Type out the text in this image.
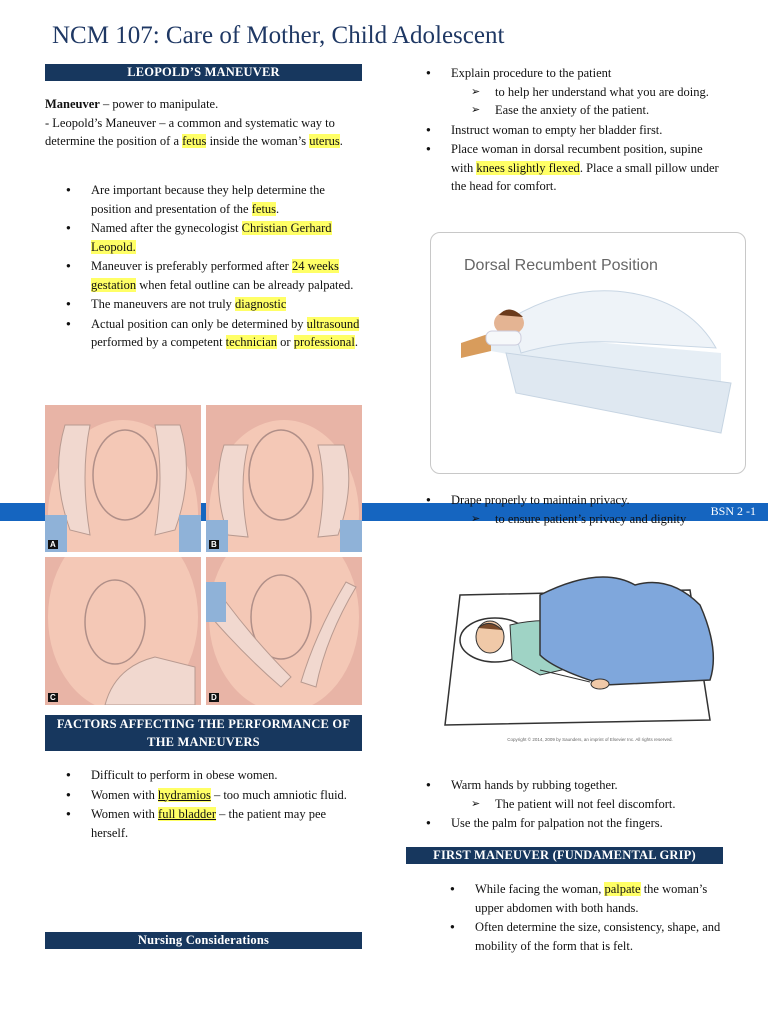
NCM 107: Care of Mother, Child Adolescent
BSN 2 -1
LEOPOLD’S MANEUVER
Maneuver – power to manipulate.
- Leopold’s Maneuver – a common and systematic way to determine the position of a fetus inside the woman’s uterus.
● Are important because they help determine the position and presentation of the fetus.
● Named after the gynecologist Christian Gerhard Leopold.
● Maneuver is preferably performed after 24 weeks gestation when fetal outline can be already palpated.
● The maneuvers are not truly diagnostic
● Actual position can only be determined by ultrasound performed by a competent technician or professional.
A	B
C	D
FACTORS AFFECTING THE PERFORMANCE OF THE MANEUVERS
● Difficult to perform in obese women.
● Women with hydramios – too much amniotic fluid.
● Women with full bladder – the patient may pee herself.
Nursing Considerations
● Explain procedure to the patient
➢ to help her understand what you are doing.
➢ Ease the anxiety of the patient.
● Instruct woman to empty her bladder first.
● Place woman in dorsal recumbent position, supine with knees slightly flexed. Place a small pillow under the head for comfort.
Dorsal Recumbent Position
● Drape properly to maintain privacy.
➢ to ensure patient’s privacy and dignity
Copyright © 2014, 2009 by Saunders, an imprint of Elsevier Inc. All rights reserved.
● Warm hands by rubbing together.
➢ The patient will not feel discomfort.
● Use the palm for palpation not the fingers.
FIRST MANEUVER (FUNDAMENTAL GRIP)
● While facing the woman, palpate the woman’s upper abdomen with both hands.
● Often determine the size, consistency, shape, and mobility of the form that is felt.
